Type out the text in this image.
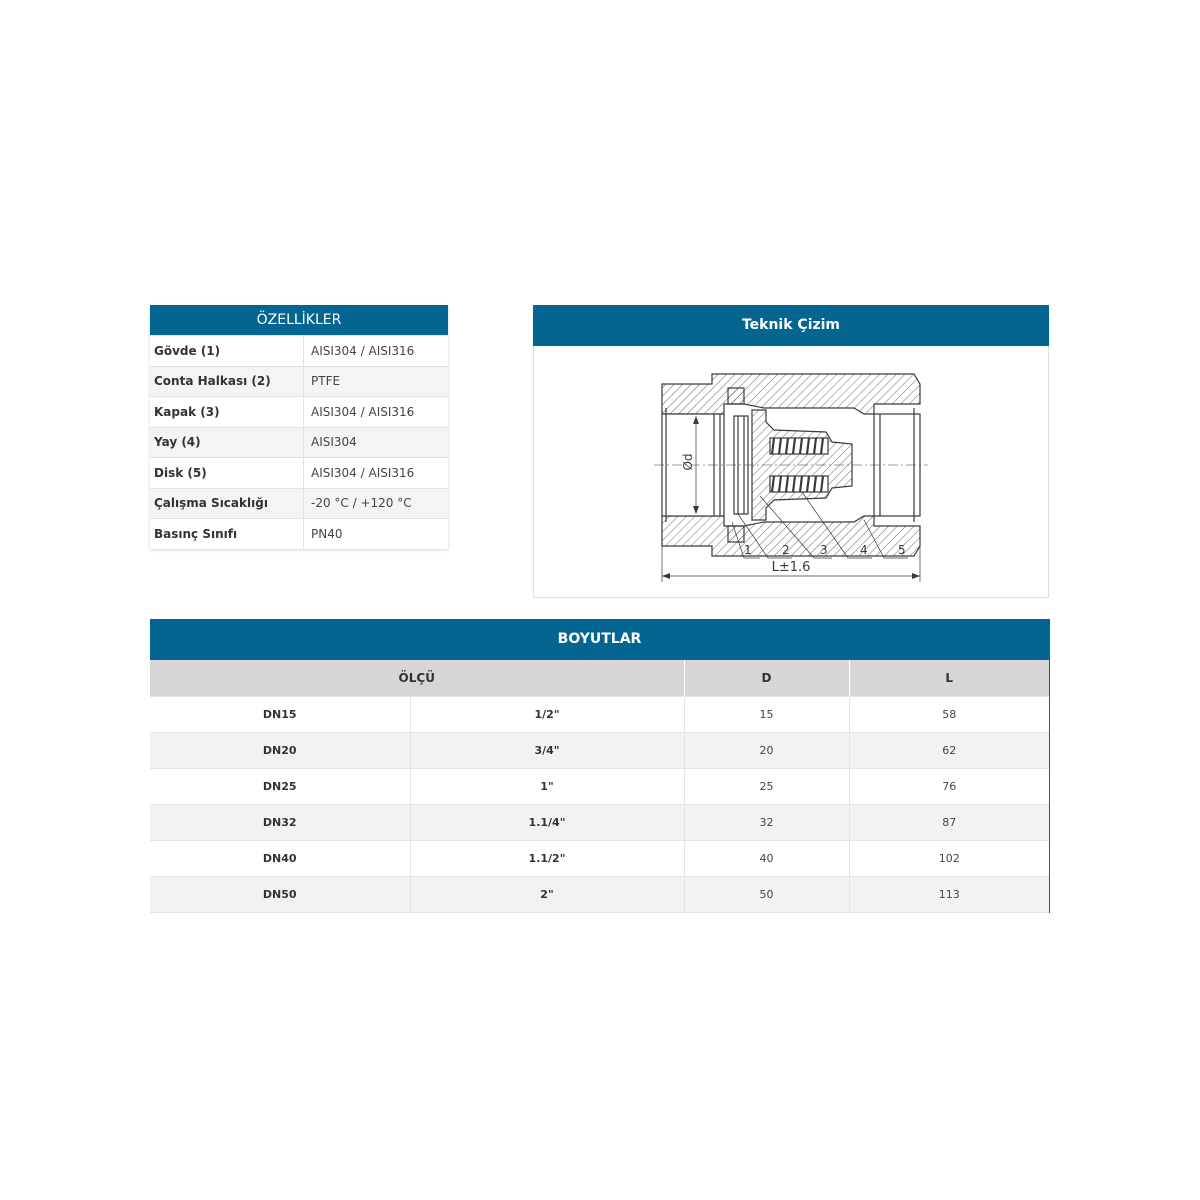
ÖZELLİKLER
Gövde (1)	AISI304 / AISI316
Conta Halkası (2)	PTFE
Kapak (3)	AISI304 / AISI316
Yay (4)	AISI304
Disk (5)	AISI304 / AISI316
Çalışma Sıcaklığı	-20 °C / +120 °C
Basınç Sınıfı	PN40
Teknik Çizim
Ød
1	2	3	4	5
L±1.6
BOYUTLAR
ÖLÇÜ		D	L
DN15	1/2"	15	58
DN20	3/4"	20	62
DN25	1"	25	76
DN32	1.1/4"	32	87
DN40	1.1/2"	40	102
DN50	2"	50	113
